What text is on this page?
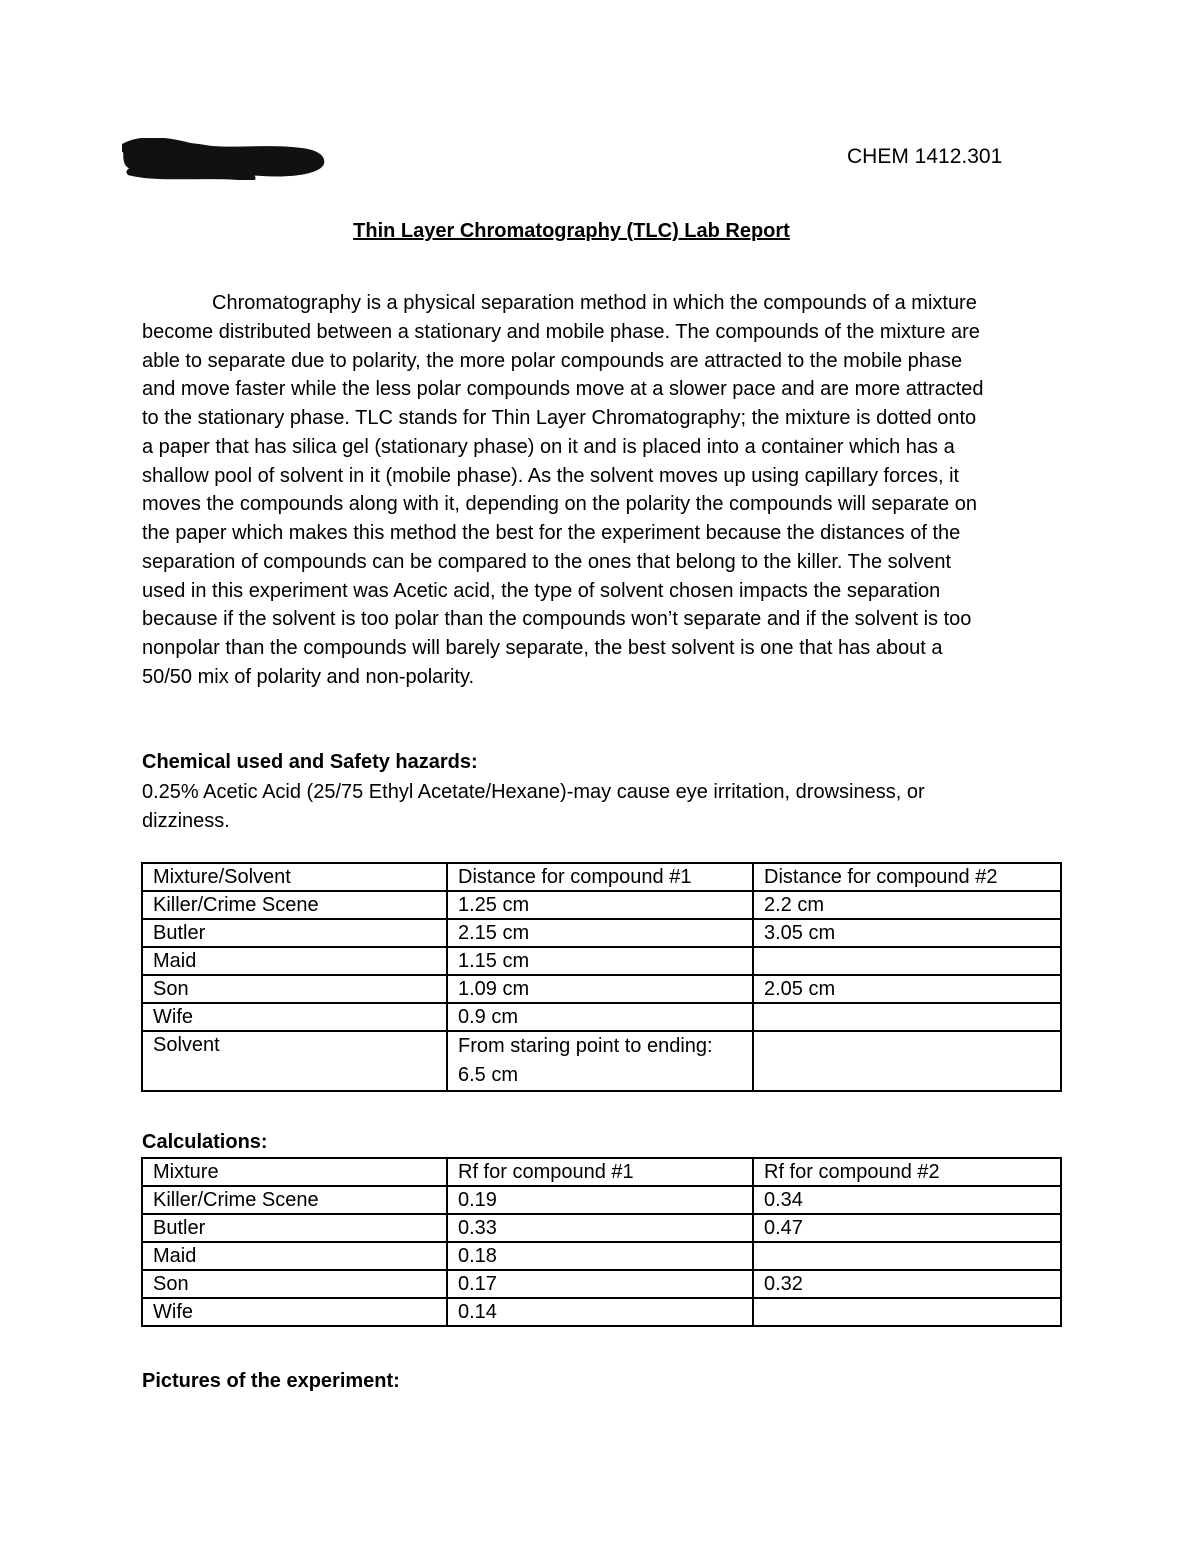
CHEM 1412.301
Thin Layer Chromatography (TLC) Lab Report
Chromatography is a physical separation method in which the compounds of a mixture
become distributed between a stationary and mobile phase. The compounds of the mixture are
able to separate due to polarity, the more polar compounds are attracted to the mobile phase
and move faster while the less polar compounds move at a slower pace and are more attracted
to the stationary phase. TLC stands for Thin Layer Chromatography; the mixture is dotted onto
a paper that has silica gel (stationary phase) on it and is placed into a container which has a
shallow pool of solvent in it (mobile phase). As the solvent moves up using capillary forces, it
moves the compounds along with it, depending on the polarity the compounds will separate on
the paper which makes this method the best for the experiment because the distances of the
separation of compounds can be compared to the ones that belong to the killer. The solvent
used in this experiment was Acetic acid, the type of solvent chosen impacts the separation
because if the solvent is too polar than the compounds won’t separate and if the solvent is too
nonpolar than the compounds will barely separate, the best solvent is one that has about a
50/50 mix of polarity and non-polarity.
Chemical used and Safety hazards:
0.25% Acetic Acid (25/75 Ethyl Acetate/Hexane)-may cause eye irritation, drowsiness, or
dizziness.
Mixture/Solvent	Distance for compound #1	Distance for compound #2
Killer/Crime Scene	1.25 cm	2.2 cm
Butler	2.15 cm	3.05 cm
Maid	1.15 cm	
Son	1.09 cm	2.05 cm
Wife	0.9 cm	
Solvent	From staring point to ending: 6.5 cm	
Calculations:
Mixture	Rf for compound #1	Rf for compound #2
Killer/Crime Scene	0.19	0.34
Butler	0.33	0.47
Maid	0.18	
Son	0.17	0.32
Wife	0.14	
Pictures of the experiment:
